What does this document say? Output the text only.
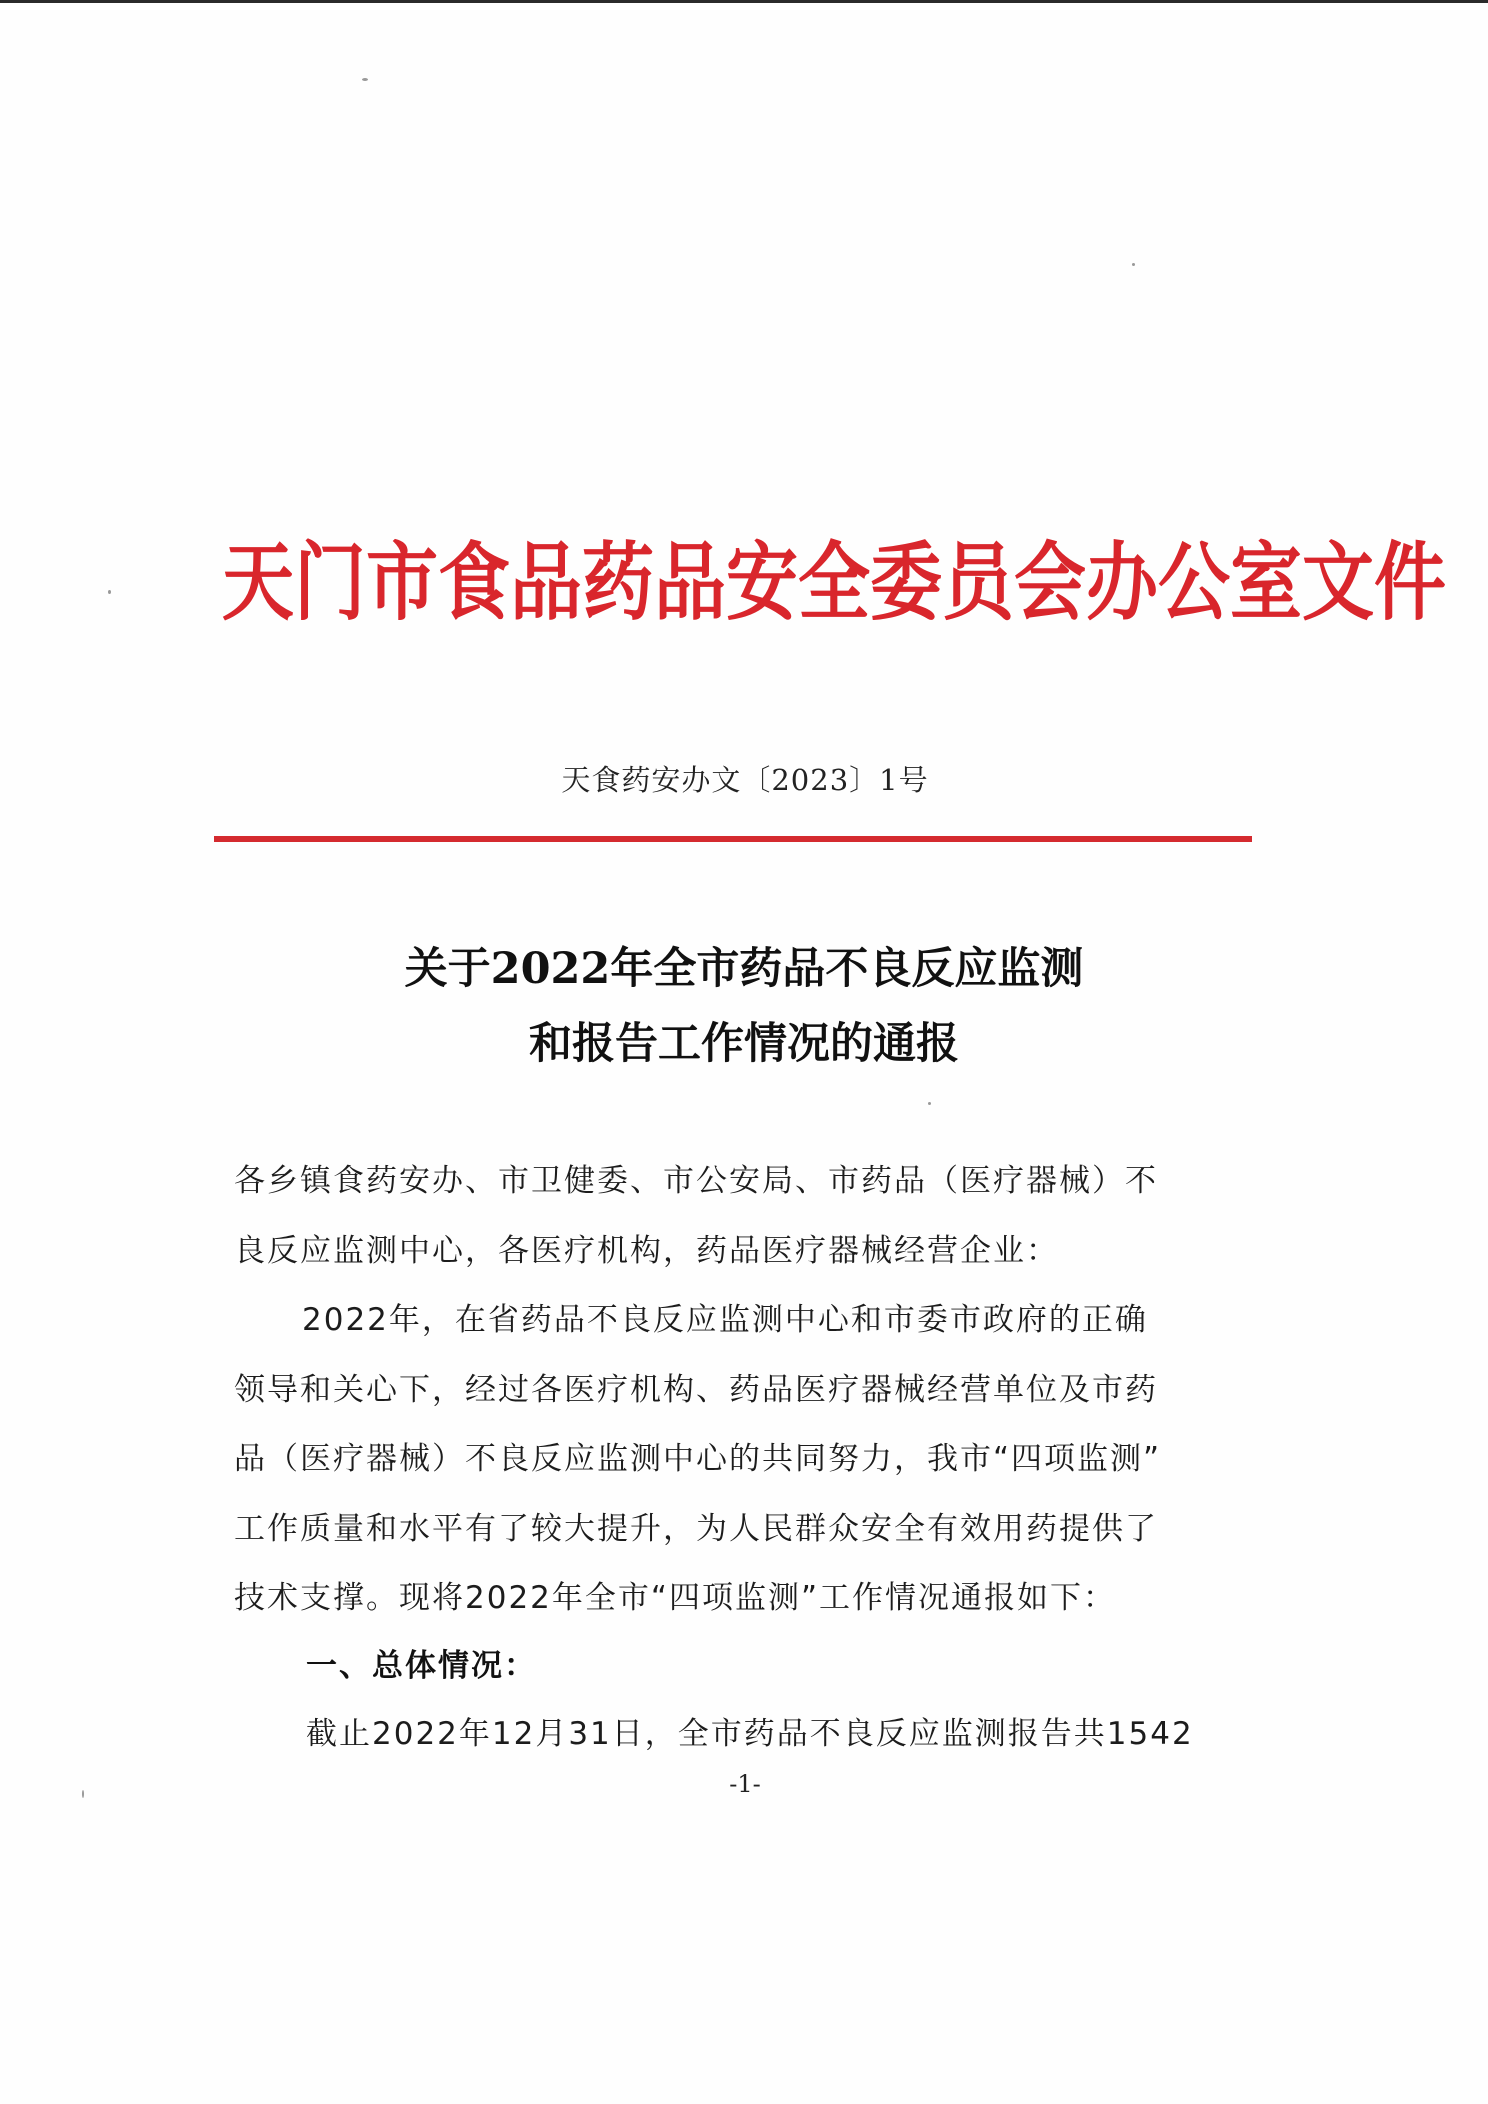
天门市食品药品安全委员会办公室文件
天食药安办文〔2023〕1号
关于2022年全市药品不良反应监测
和报告工作情况的通报
各乡镇食药安办、市卫健委、市公安局、市药品（医疗器械）不
良反应监测中心，各医疗机构，药品医疗器械经营企业：
2022年，在省药品不良反应监测中心和市委市政府的正确
领导和关心下，经过各医疗机构、药品医疗器械经营单位及市药
品（医疗器械）不良反应监测中心的共同努力，我市“四项监测”
工作质量和水平有了较大提升，为人民群众安全有效用药提供了
技术支撑。现将2022年全市“四项监测”工作情况通报如下：
一、总体情况：
截止2022年12月31日，全市药品不良反应监测报告共1542
-1-
